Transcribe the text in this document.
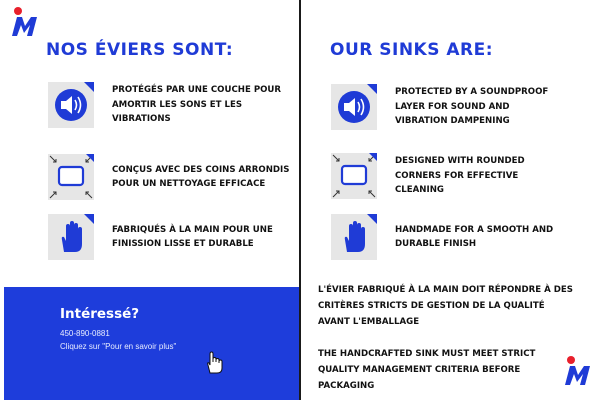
NOS ÉVIERS SONT:
PROTÉGÉS PAR UNE COUCHE POUR AMORTIR LES SONS ET LES VIBRATIONS
CONÇUS AVEC DES COINS ARRONDIS POUR UN NETTOYAGE EFFICACE
FABRIQUÉS À LA MAIN POUR UNE FINISSION LISSE ET DURABLE
Intéressé?
450-890-0881
Cliquez sur "Pour en savoir plus"
OUR SINKS ARE:
PROTECTED BY A SOUNDPROOF LAYER FOR SOUND AND VIBRATION DAMPENING
DESIGNED WITH ROUNDED CORNERS FOR EFFECTIVE CLEANING
HANDMADE FOR A SMOOTH AND DURABLE FINISH
L'ÉVIER FABRIQUÉ À LA MAIN DOIT RÉPONDRE À DES CRITÈRES STRICTS DE GESTION DE LA QUALITÉ AVANT L'EMBALLAGE
THE HANDCRAFTED SINK MUST MEET STRICT QUALITY MANAGEMENT CRITERIA BEFORE PACKAGING
